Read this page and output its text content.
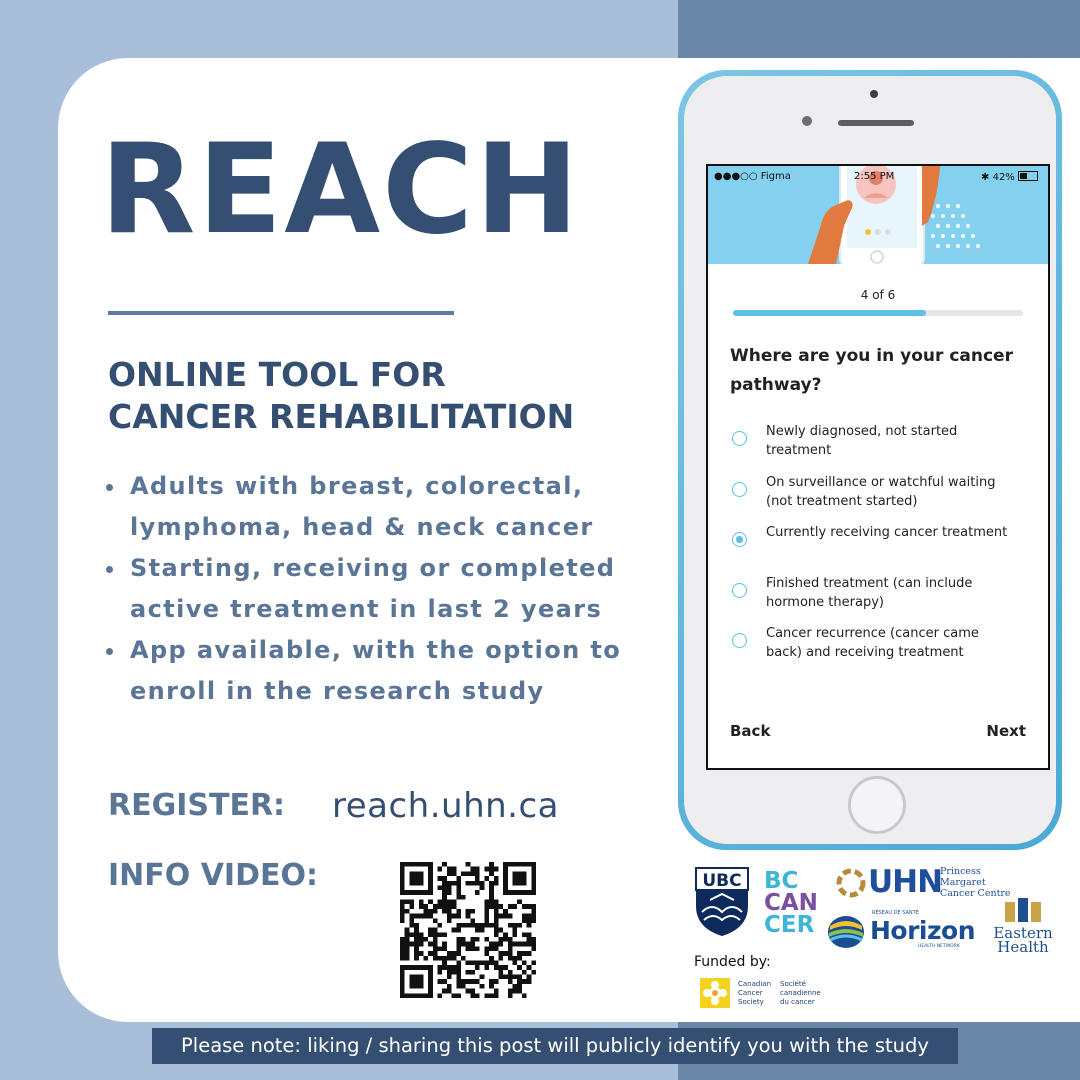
REACH
ONLINE TOOL FOR
CANCER REHABILITATION
Adults with breast, colorectal, lymphoma, head & neck cancer
Starting, receiving or completed active treatment in last 2 years
App available, with the option to enroll in the research study
REGISTER: reach.uhn.ca
INFO VIDEO:
●●●○○ Figma	2:55 PM	✱ 42%
4 of 6
Where are you in your cancer pathway?
Newly diagnosed, not started treatment
On surveillance or watchful waiting (not treatment started)
Currently receiving cancer treatment
Finished treatment (can include hormone therapy)
Cancer recurrence (cancer came back) and receiving treatment
Back	Next
UBC BC
CAN
CER
UHN
Princess Margaret Cancer Centre
RÉSEAU DE SANTÉ
Horizon
HEALTH NETWORK
Eastern
Health
Funded by:
Canadian Cancer Society
Société canadienne du cancer
Please note: liking / sharing this post will publicly identify you with the study
